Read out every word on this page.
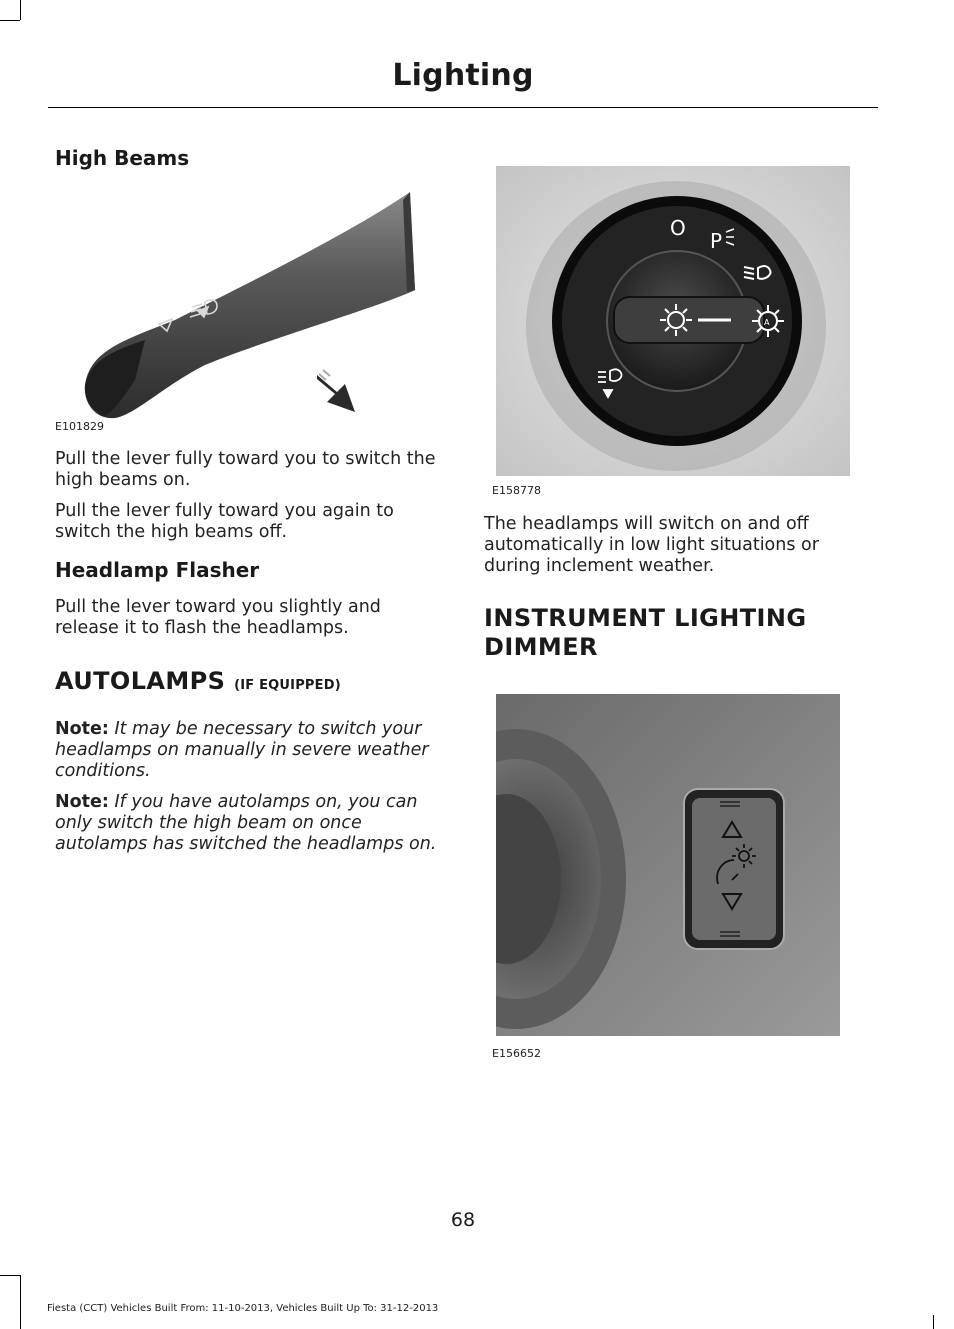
Lighting
High Beams
E101829
Pull the lever fully toward you to switch the high beams on.
Pull the lever fully toward you again to switch the high beams off.
Headlamp Flasher
Pull the lever toward you slightly and release it to flash the headlamps.
AUTOLAMPS (IF EQUIPPED)
Note: It may be necessary to switch your headlamps on manually in severe weather conditions.
Note: If you have autolamps on, you can only switch the high beam on once autolamps has switched the headlamps on.
O
P
A
E158778
The headlamps will switch on and off automatically in low light situations or during inclement weather.
INSTRUMENT LIGHTING
DIMMER
E156652
68
Fiesta (CCT) Vehicles Built From: 11-10-2013, Vehicles Built Up To: 31-12-2013
